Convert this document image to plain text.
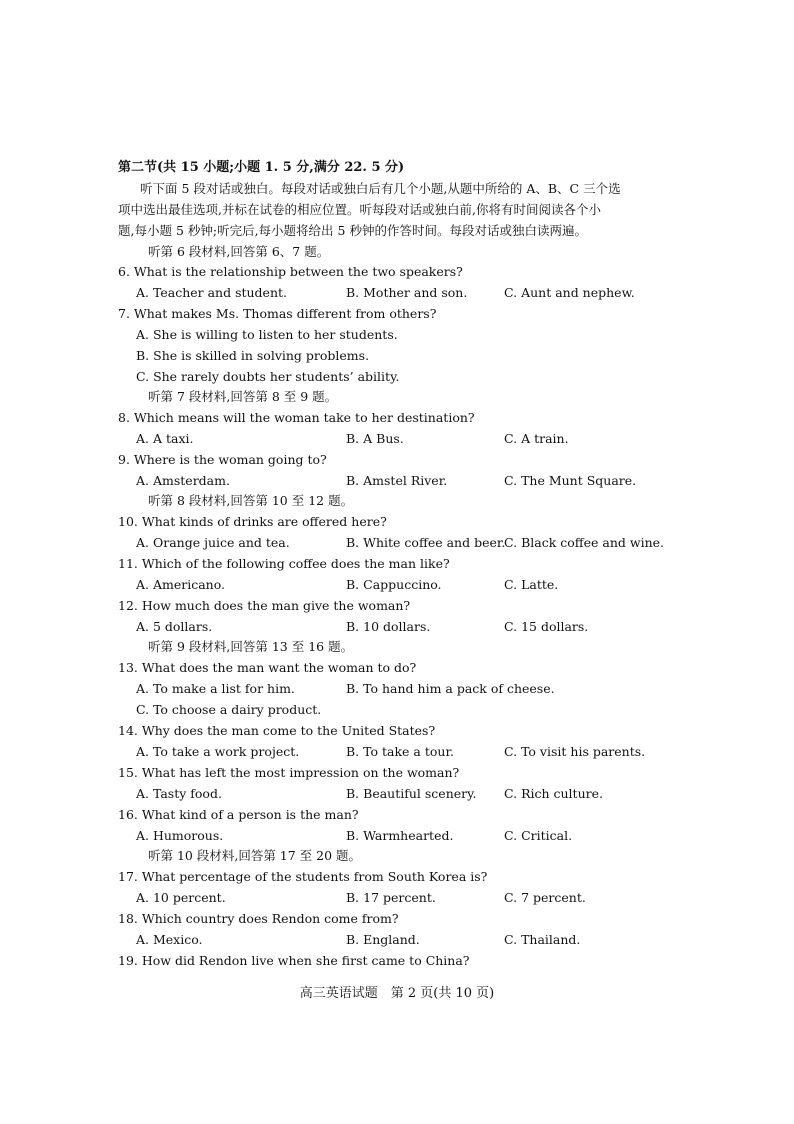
第二节(共 15 小题;小题 1. 5 分,满分 22. 5 分)
听下面 5 段对话或独白。每段对话或独白后有几个小题,从题中所给的 A、B、C 三个选
项中选出最佳选项,并标在试卷的相应位置。听每段对话或独白前,你将有时间阅读各个小
题,每小题 5 秒钟;听完后,每小题将给出 5 秒钟的作答时间。每段对话或独白读两遍。
听第 6 段材料,回答第 6、7 题。
6. What is the relationship between the two speakers?
A. Teacher and student.	B. Mother and son.	C. Aunt and nephew.
7. What makes Ms. Thomas different from others?
A. She is willing to listen to her students.
B. She is skilled in solving problems.
C. She rarely doubts her students’ ability.
听第 7 段材料,回答第 8 至 9 题。
8. Which means will the woman take to her destination?
A. A taxi.	B. A Bus.	C. A train.
9. Where is the woman going to?
A. Amsterdam.	B. Amstel River.	C. The Munt Square.
听第 8 段材料,回答第 10 至 12 题。
10. What kinds of drinks are offered here?
A. Orange juice and tea.	B. White coffee and beer.
C. Black coffee and wine.
11. Which of the following coffee does the man like?
A. Americano.	B. Cappuccino.	C. Latte.
12. How much does the man give the woman?
A. 5 dollars.	B. 10 dollars.	C. 15 dollars.
听第 9 段材料,回答第 13 至 16 题。
13. What does the man want the woman to do?
A. To make a list for him.	B. To hand him a pack of cheese.
C. To choose a dairy product.
14. Why does the man come to the United States?
A. To take a work project.	B. To take a tour.	C. To visit his parents.
15. What has left the most impression on the woman?
A. Tasty food.	B. Beautiful scenery. C. Rich culture.
16. What kind of a person is the man?
A. Humorous.	B. Warmhearted.	C. Critical.
听第 10 段材料,回答第 17 至 20 题。
17. What percentage of the students from South Korea is?
A. 10 percent.	B. 17 percent.	C. 7 percent.
18. Which country does Rendon come from?
A. Mexico.	B. England.	C. Thailand.
19. How did Rendon live when she first came to China?
高三英语试题　第 2 页(共 10 页)
